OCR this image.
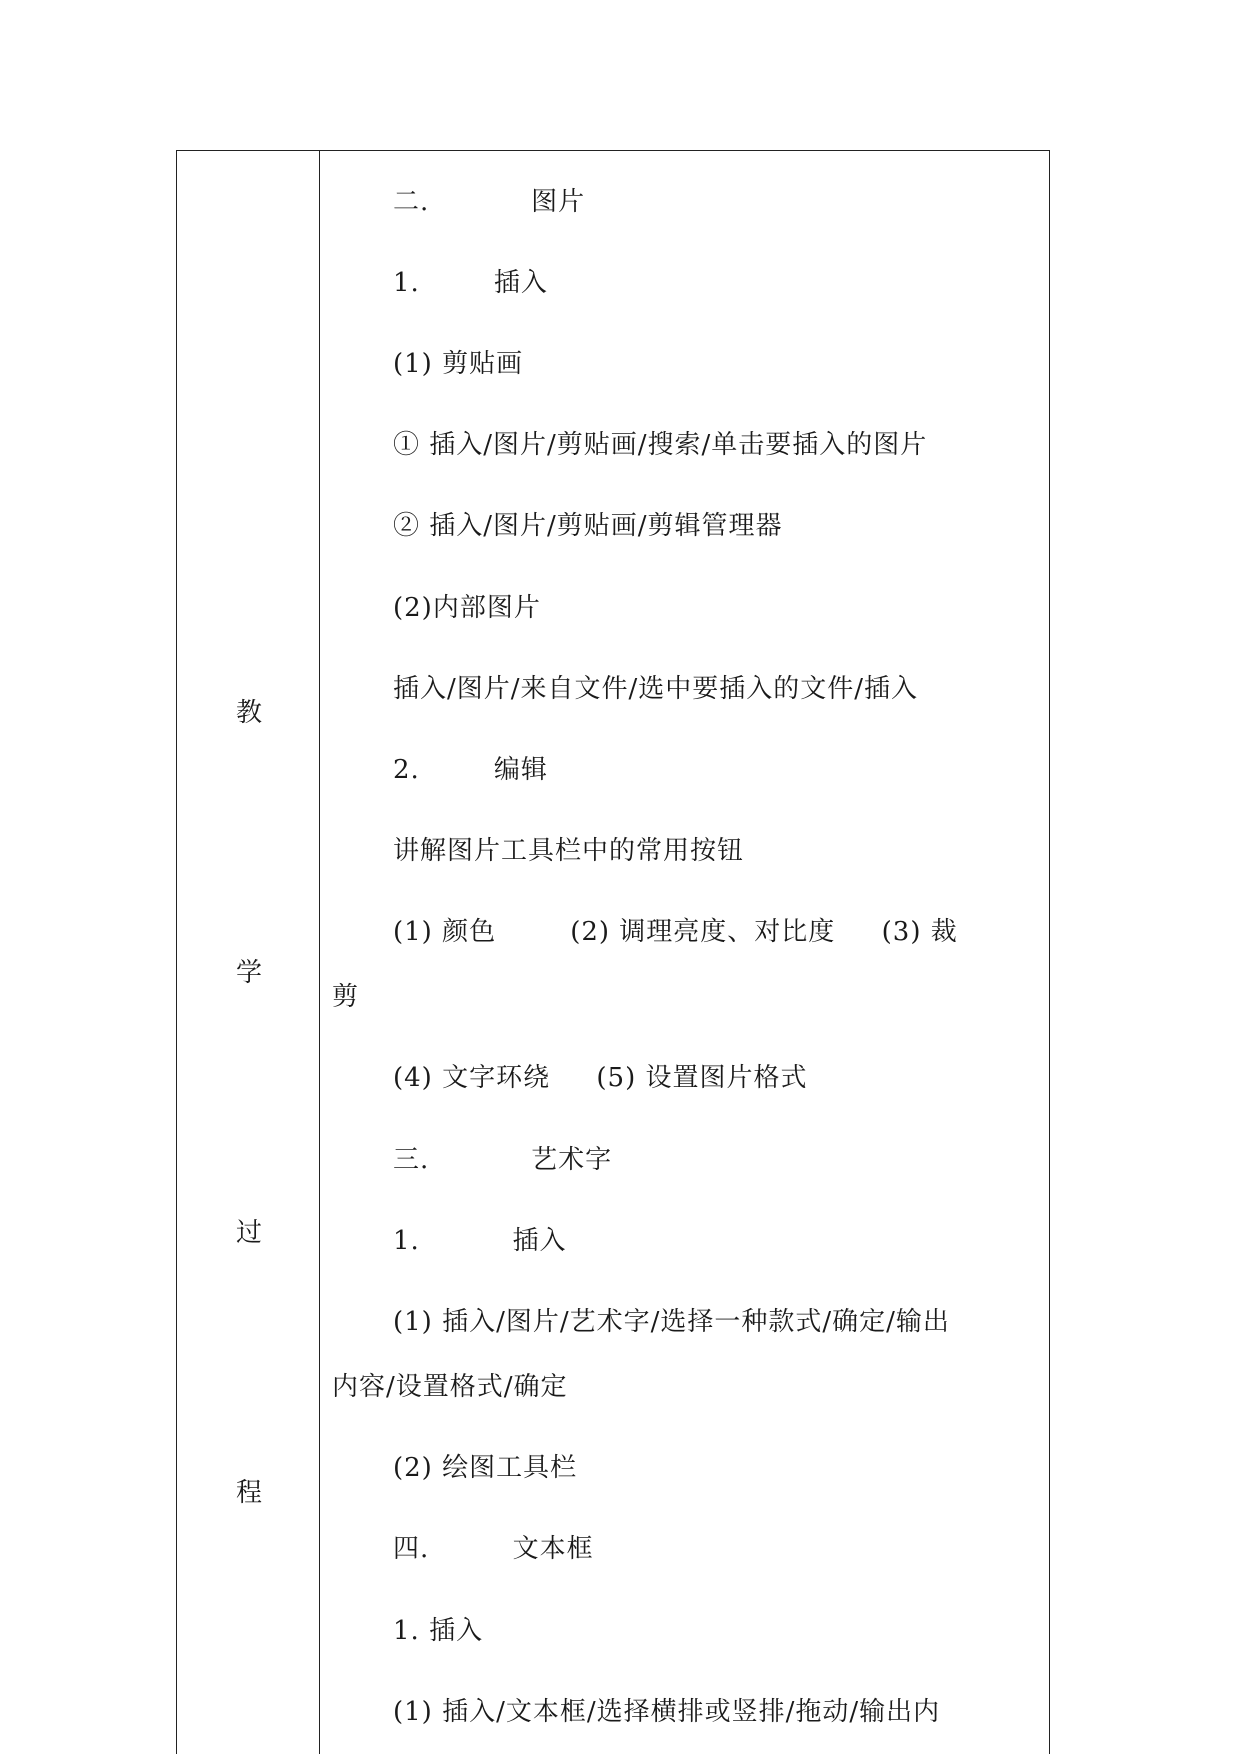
教
学
过
程
二.           图片
1.        插入
(1) 剪贴画
① 插入/图片/剪贴画/搜索/单击要插入的图片
② 插入/图片/剪贴画/剪辑管理器
(2)内部图片
插入/图片/来自文件/选中要插入的文件/插入
2.        编辑
讲解图片工具栏中的常用按钮
(1) 颜色        (2) 调理亮度、对比度     (3) 裁
剪
(4) 文字环绕     (5) 设置图片格式
三.           艺术字
1.          插入
(1) 插入/图片/艺术字/选择一种款式/确定/输出
内容/设置格式/确定
(2) 绘图工具栏
四.         文本框
1. 插入
(1) 插入/文本框/选择横排或竖排/拖动/输出内
